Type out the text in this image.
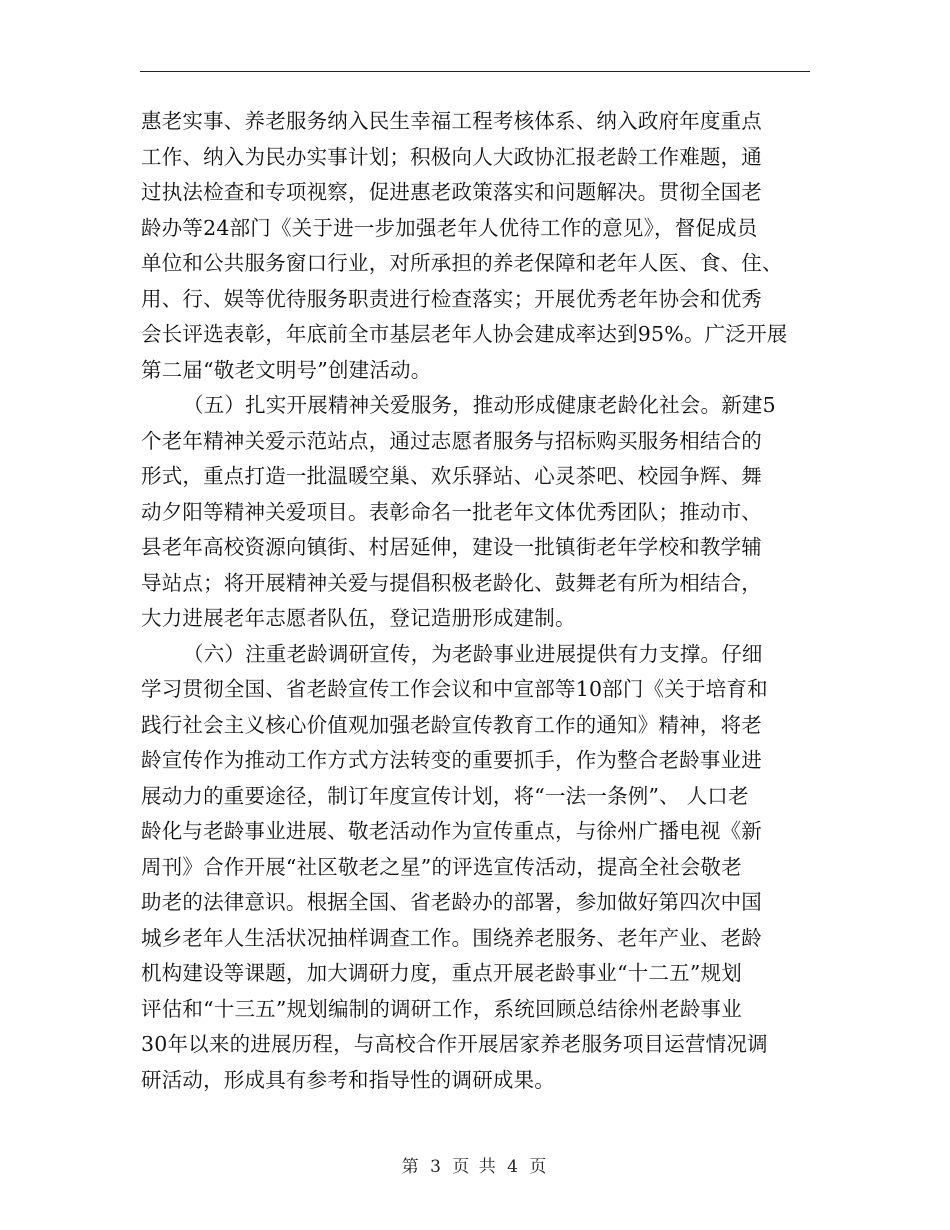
惠老实事、养老服务纳入民生幸福工程考核体系、纳入政府年度重点
工作、纳入为民办实事计划；积极向人大政协汇报老龄工作难题，通
过执法检查和专项视察，促进惠老政策落实和问题解决。贯彻全国老
龄办等24部门《关于进一步加强老年人优待工作的意见》，督促成员
单位和公共服务窗口行业，对所承担的养老保障和老年人医、食、住、
用、行、娱等优待服务职责进行检查落实；开展优秀老年协会和优秀
会长评选表彰，年底前全市基层老年人协会建成率达到95%。广泛开展
第二届“敬老文明号”创建活动。
（五）扎实开展精神关爱服务，推动形成健康老龄化社会。新建5
个老年精神关爱示范站点，通过志愿者服务与招标购买服务相结合的
形式，重点打造一批温暖空巢、欢乐驿站、心灵茶吧、校园争辉、舞
动夕阳等精神关爱项目。表彰命名一批老年文体优秀团队；推动市、
县老年高校资源向镇街、村居延伸，建设一批镇街老年学校和教学辅
导站点；将开展精神关爱与提倡积极老龄化、鼓舞老有所为相结合，
大力进展老年志愿者队伍，登记造册形成建制。
（六）注重老龄调研宣传，为老龄事业进展提供有力支撑。仔细
学习贯彻全国、省老龄宣传工作会议和中宣部等10部门《关于培育和
践行社会主义核心价值观加强老龄宣传教育工作的通知》精神，将老
龄宣传作为推动工作方式方法转变的重要抓手，作为整合老龄事业进
展动力的重要途径，制订年度宣传计划，将“一法一条例”、 人口老
龄化与老龄事业进展、敬老活动作为宣传重点，与徐州广播电视《新
周刊》合作开展“社区敬老之星”的评选宣传活动，提高全社会敬老
助老的法律意识。根据全国、省老龄办的部署，参加做好第四次中国
城乡老年人生活状况抽样调查工作。围绕养老服务、老年产业、老龄
机构建设等课题，加大调研力度，重点开展老龄事业“十二五”规划
评估和“十三五”规划编制的调研工作，系统回顾总结徐州老龄事业
30年以来的进展历程，与高校合作开展居家养老服务项目运营情况调
研活动，形成具有参考和指导性的调研成果。
第 3 页 共 4 页
